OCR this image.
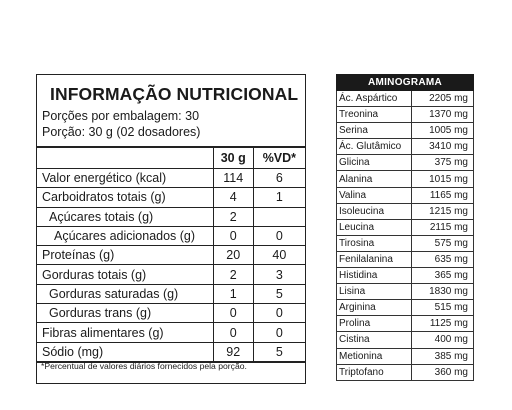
INFORMAÇÃO NUTRICIONAL
Porções por embalagem: 30
Porção: 30 g (02 dosadores)
	30 g	%VD*
Valor energético (kcal)	114	6
Carboidratos totais (g)	4	1
Açúcares totais (g)	2	
Açúcares adicionados (g)	0	0
Proteínas (g)	20	40
Gorduras totais (g)	2	3
Gorduras saturadas (g)	1	5
Gorduras trans (g)	0	0
Fibras alimentares (g)	0	0
Sódio (mg)	92	5
*Percentual de valores diários fornecidos pela porção.
AMINOGRAMA	
Ác. Aspártico	2205 mg
Treonina	1370 mg
Serina	1005 mg
Ác. Glutâmico	3410 mg
Glicina	375 mg
Alanina	1015 mg
Valina	1165 mg
Isoleucina	1215 mg
Leucina	2115 mg
Tirosina	575 mg
Fenilalanina	635 mg
Histidina	365 mg
Lisina	1830 mg
Arginina	515 mg
Prolina	1125 mg
Cistina	400 mg
Metionina	385 mg
Triptofano	360 mg
